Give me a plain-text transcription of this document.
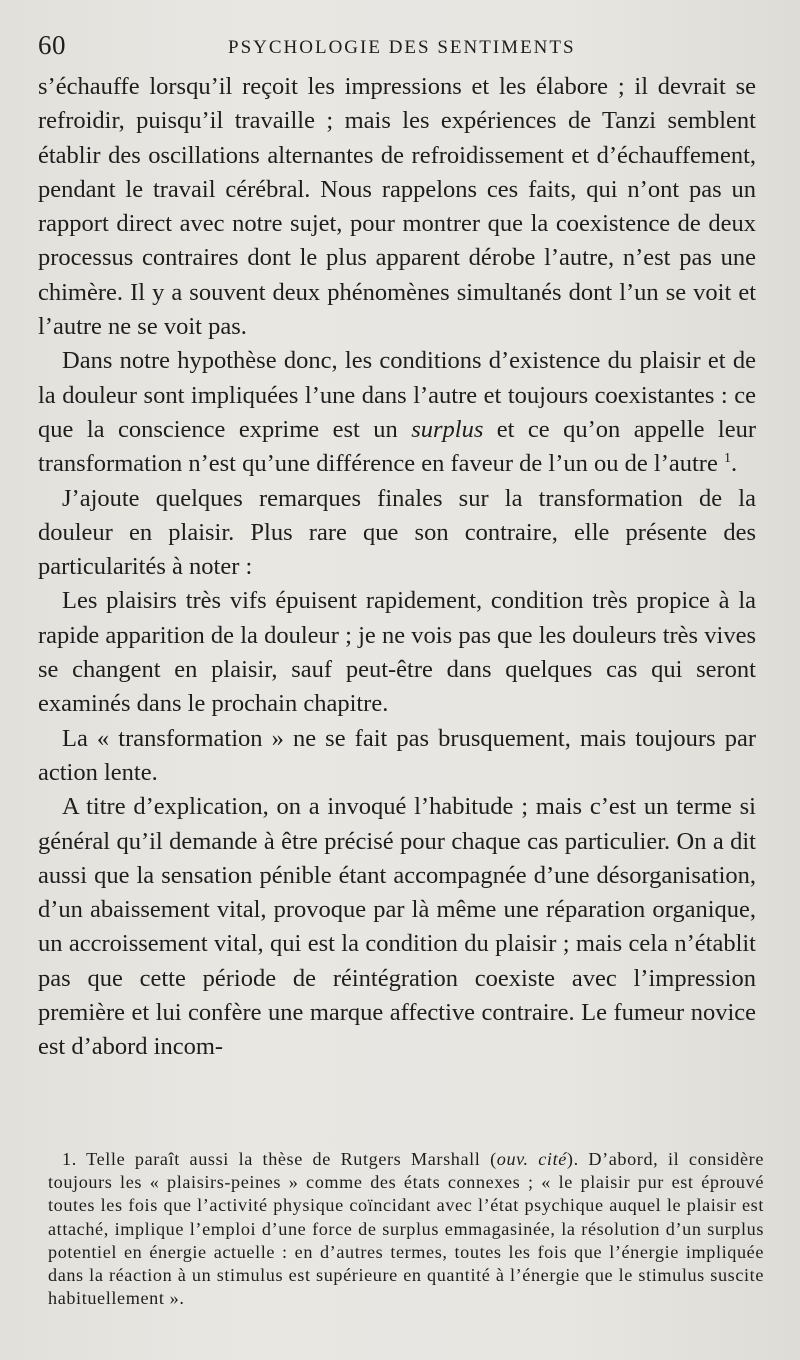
60	PSYCHOLOGIE DES SENTIMENTS

s’échauffe lorsqu’il reçoit les impressions et les élabore ; il devrait se refroidir, puisqu’il travaille ; mais les expériences de Tanzi semblent établir des oscillations alternantes de refroidissement et d’échauffement, pendant le travail cérébral. Nous rappelons ces faits, qui n’ont pas un rapport direct avec notre sujet, pour montrer que la coexistence de deux processus contraires dont le plus apparent dérobe l’autre, n’est pas une chimère. Il y a souvent deux phénomènes simultanés dont l’un se voit et l’autre ne se voit pas.

Dans notre hypothèse donc, les conditions d’existence du plaisir et de la douleur sont impliquées l’une dans l’autre et toujours coexistantes : ce que la conscience exprime est un surplus et ce qu’on appelle leur transformation n’est qu’une différence en faveur de l’un ou de l’autre $^1$.

J’ajoute quelques remarques finales sur la transformation de la douleur en plaisir. Plus rare que son contraire, elle présente des particularités à noter :

Les plaisirs très vifs épuisent rapidement, condition très propice à la rapide apparition de la douleur ; je ne vois pas que les douleurs très vives se changent en plaisir, sauf peut-être dans quelques cas qui seront examinés dans le prochain chapitre.

La « transformation » ne se fait pas brusquement, mais toujours par action lente.

A titre d’explication, on a invoqué l’habitude ; mais c’est un terme si général qu’il demande à être précisé pour chaque cas particulier. On a dit aussi que la sensation pénible étant accompagnée d’une désorganisation, d’un abaissement vital, provoque par là même une réparation organique, un accroissement vital, qui est la condition du plaisir ; mais cela n’établit pas que cette période de réintégration coexiste avec l’impression première et lui confère une marque affective contraire. Le fumeur novice est d’abord incom-

1. Telle paraît aussi la thèse de Rutgers Marshall (ouv. cité). D’abord, il considère toujours les « plaisirs-peines » comme des états connexes ; « le plaisir pur est éprouvé toutes les fois que l’activité physique coïncidant avec l’état psychique auquel le plaisir est attaché, implique l’emploi d’une force de surplus emmagasinée, la résolution d’un surplus potentiel en énergie actuelle : en d’autres termes, toutes les fois que l’énergie impliquée dans la réaction à un stimulus est supérieure en quantité à l’énergie que le stimulus suscite habituellement ».
